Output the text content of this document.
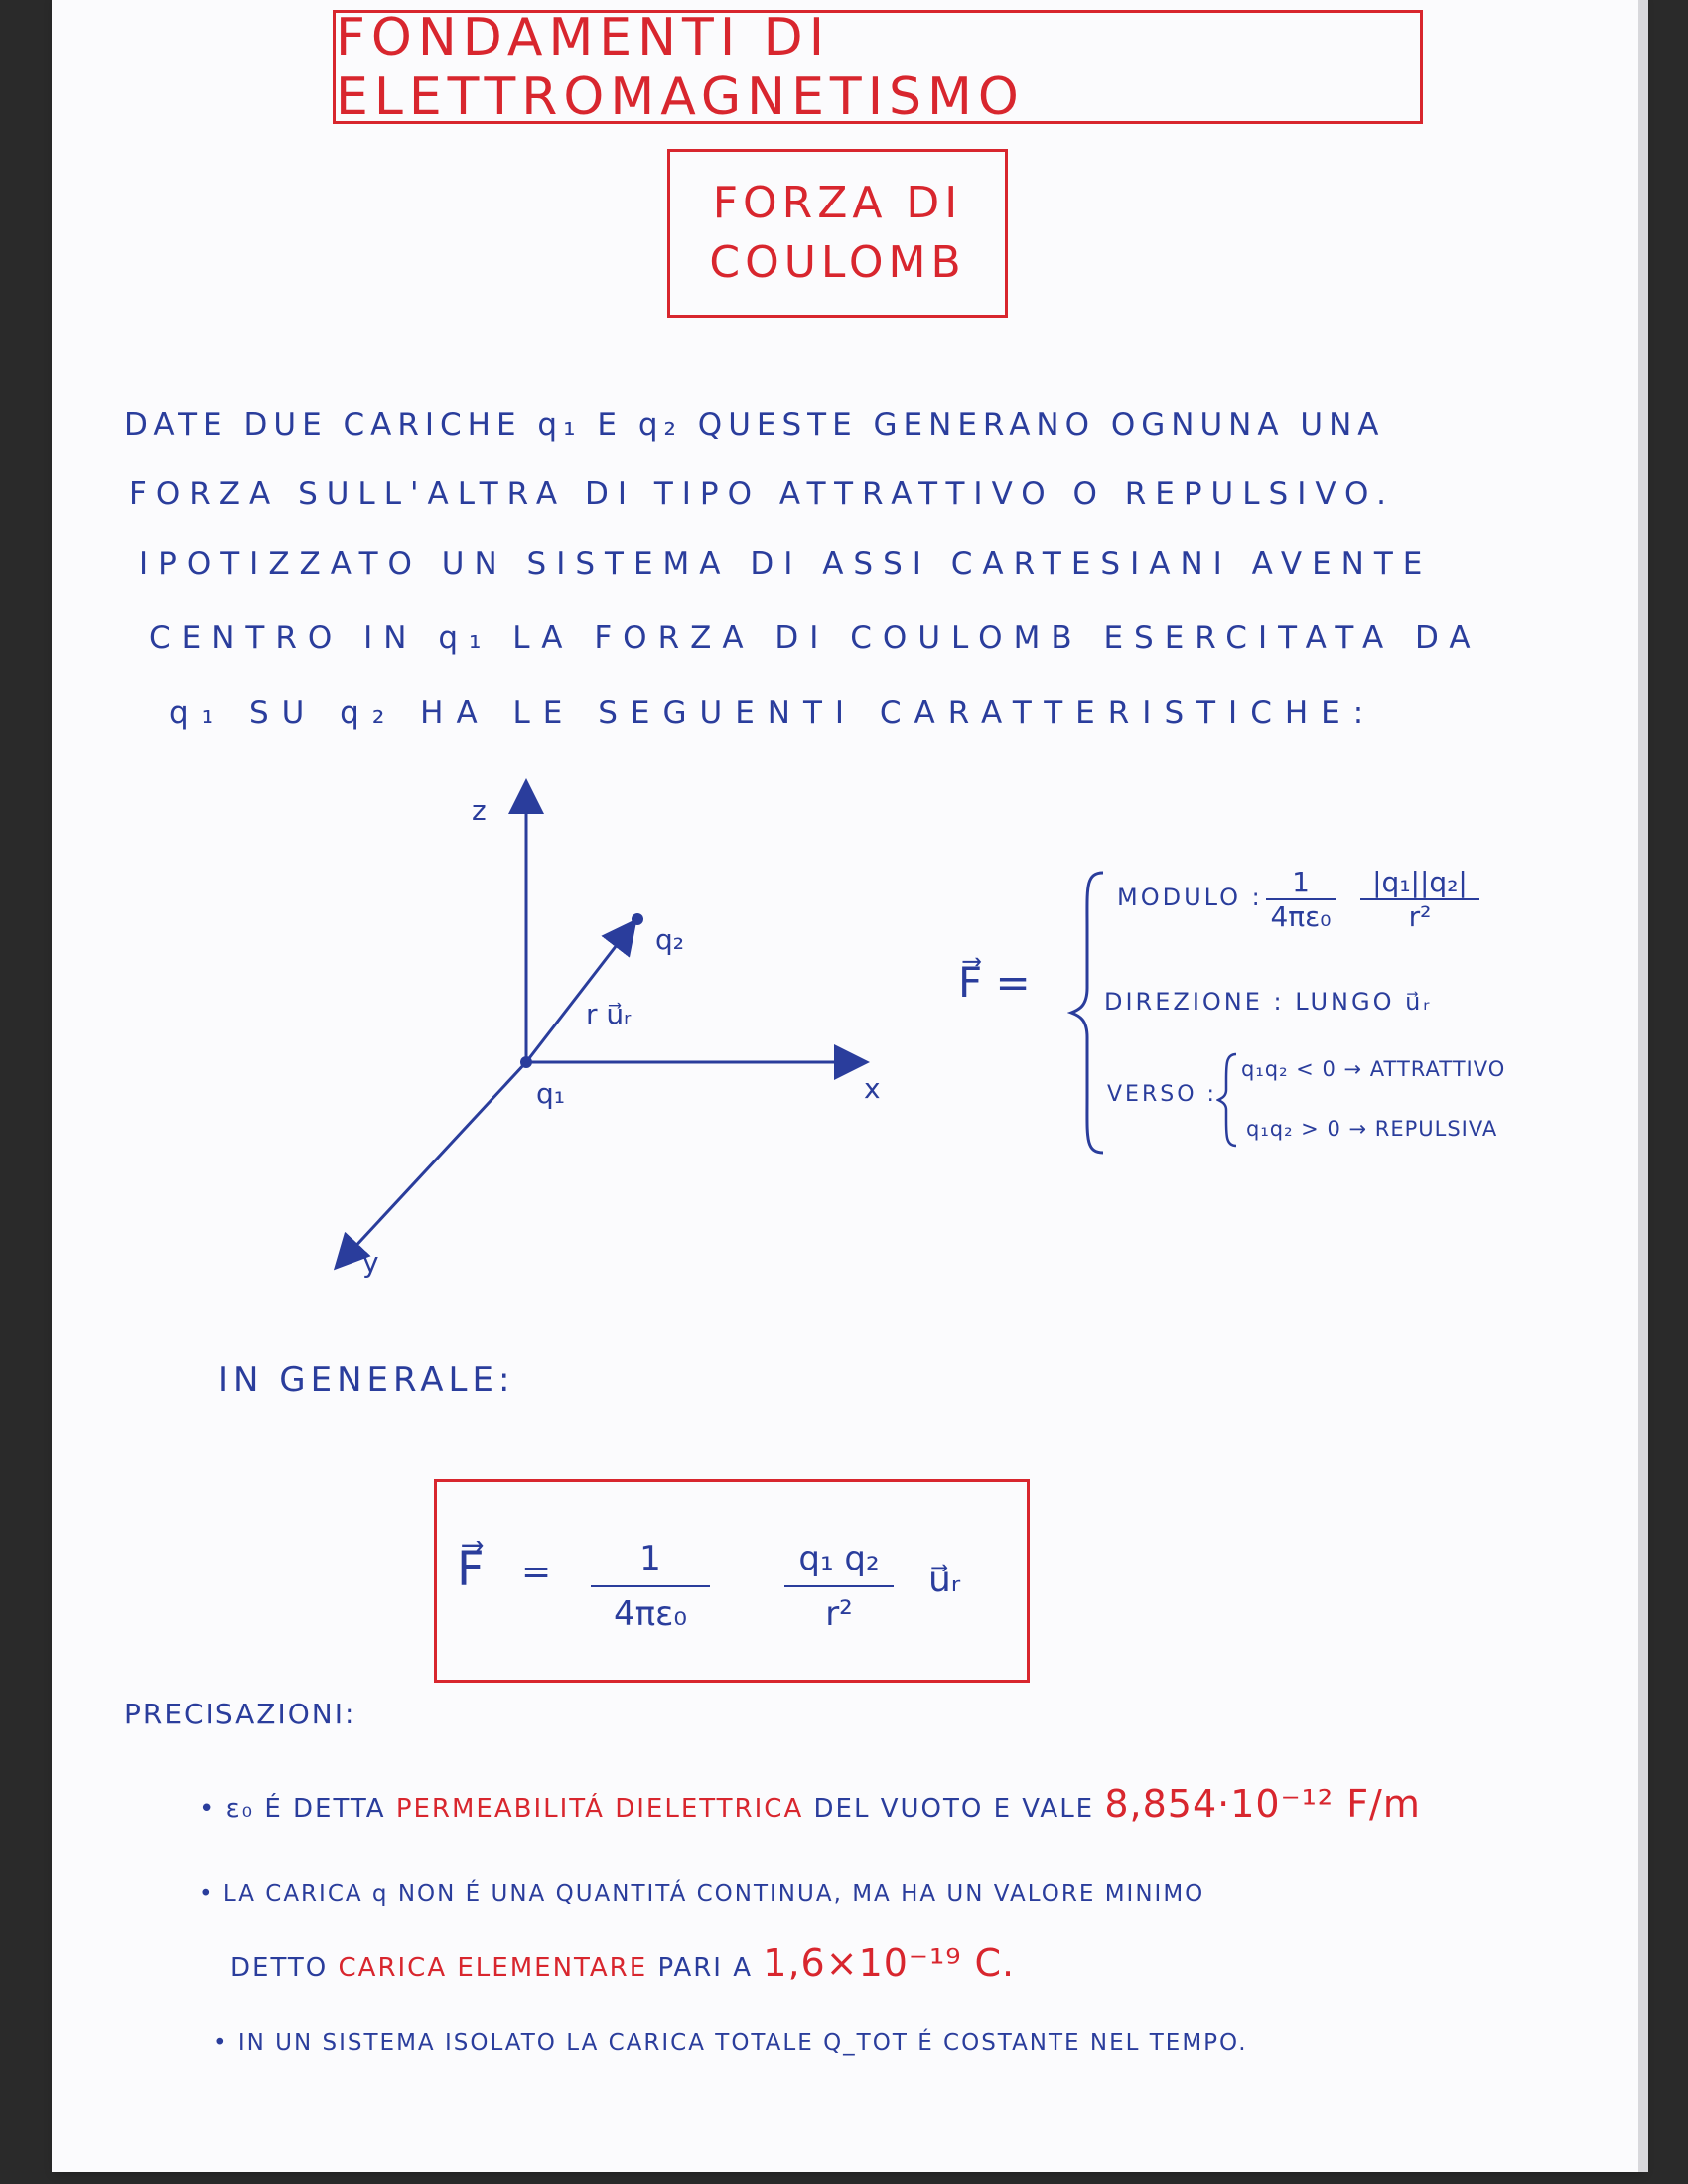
FONDAMENTI DI ELETTROMAGNETISMO
FORZA DI
COULOMB
DATE DUE CARICHE q₁ E q₂ QUESTE GENERANO OGNUNA UNA
FORZA SULL'ALTRA DI TIPO ATTRATTIVO O REPULSIVO.
IPOTIZZATO UN SISTEMA DI ASSI CARTESIANI AVENTE
CENTRO IN q₁ LA FORZA DI COULOMB ESERCITATA DA
q₁ SU q₂ HA LE SEGUENTI CARATTERISTICHE:
z
x
y
q₁
q₂
r u⃗ᵣ
F⃗ =
MODULO : $\frac{1}{\text{4πε₀}} \frac{\text{|q₁||q₂|}}{\text{r²}}$
DIREZIONE : LUNGO u⃗ᵣ
VERSO :
q₁q₂ < 0 → ATTRATTIVO
q₁q₂ > 0 → REPULSIVA
IN GENERALE:
F⃗ = $\frac{1}{\text{4πε₀}} \frac{\text{q₁ q₂}}{\text{r²}}$ u⃗ᵣ
PRECISAZIONI:
• ε₀ É DETTA PERMEABILITÁ DIELETTRICA DEL VUOTO E VALE 8,854·10⁻¹² F/m
• LA CARICA q NON É UNA QUANTITÁ CONTINUA, MA HA UN VALORE MINIMO
DETTO CARICA ELEMENTARE PARI A 1,6×10⁻¹⁹ C.
• IN UN SISTEMA ISOLATO LA CARICA TOTALE Q_TOT É COSTANTE NEL TEMPO.
